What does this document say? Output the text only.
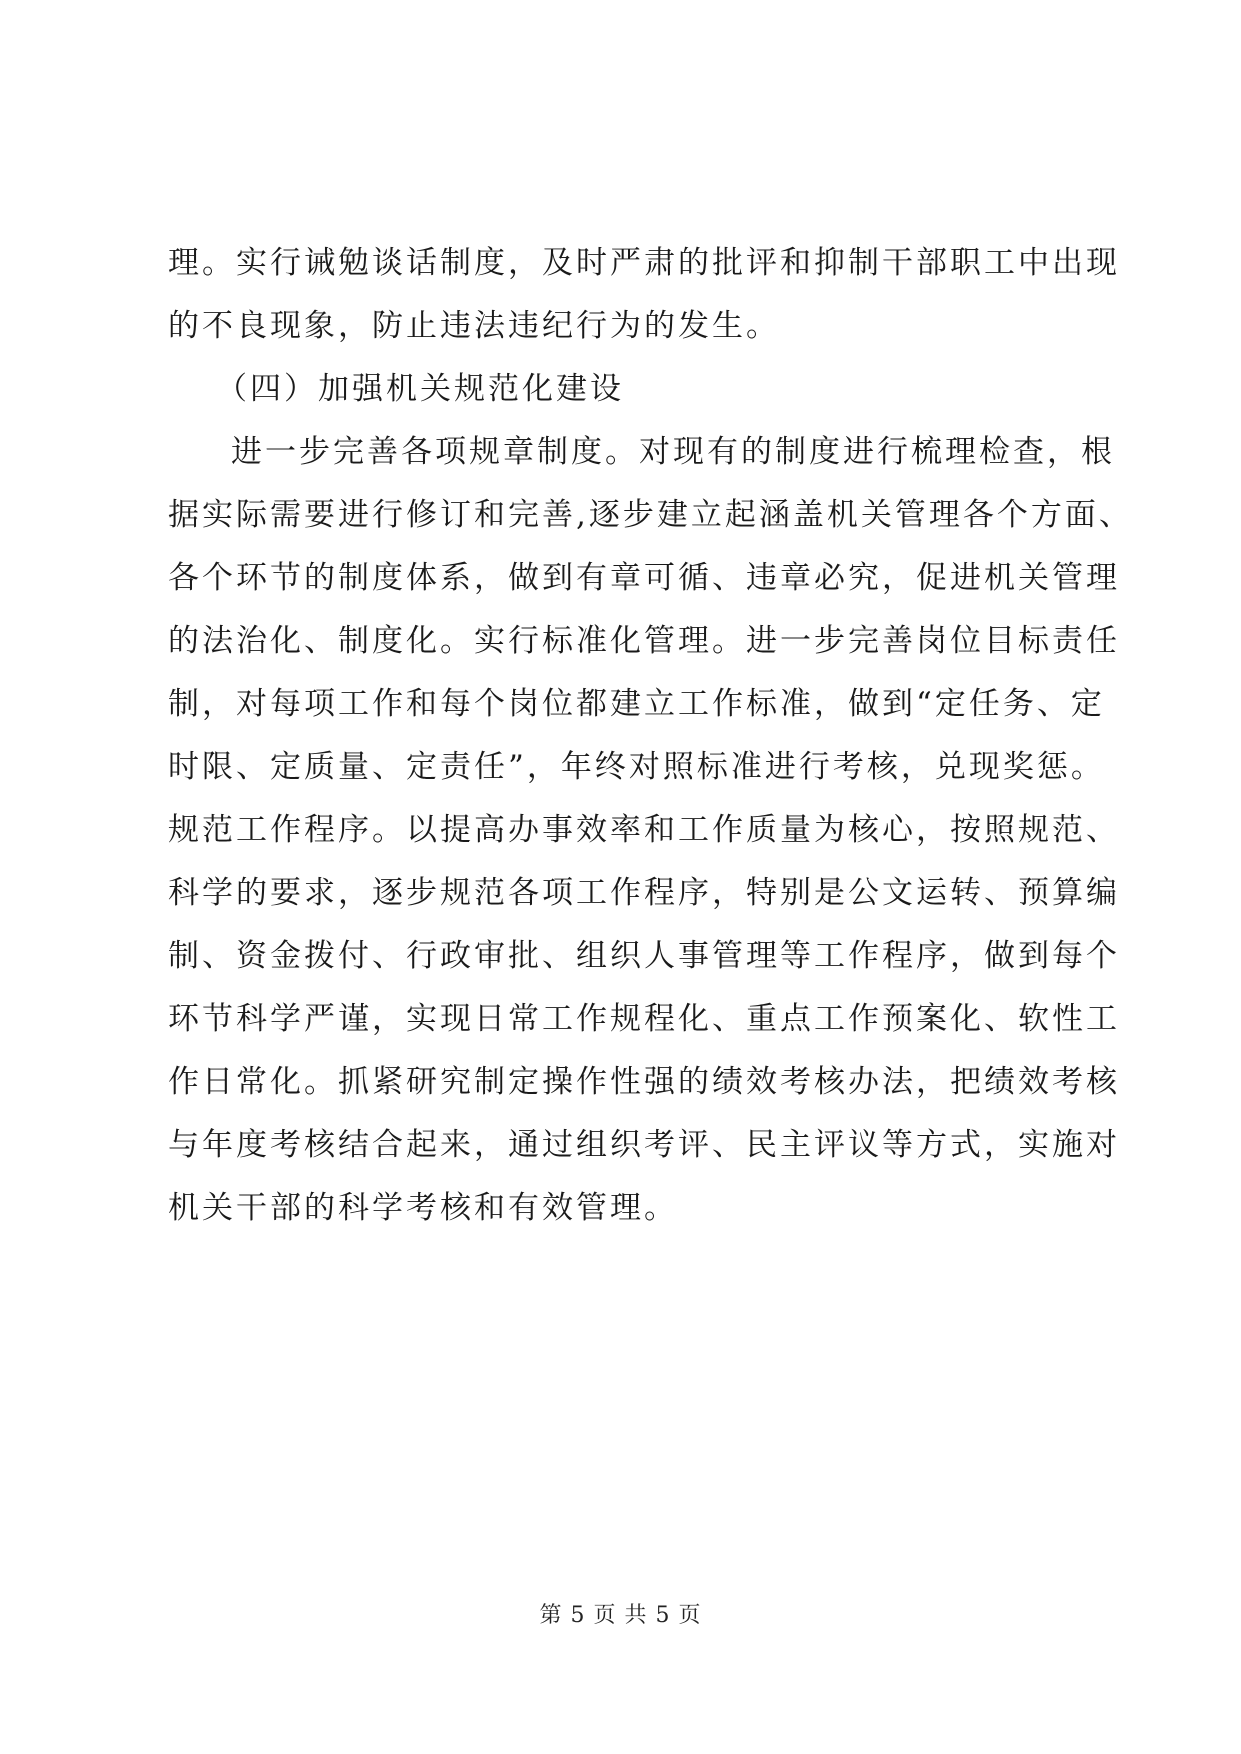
理。实行诫勉谈话制度，及时严肃的批评和抑制干部职工中出现
的不良现象，防止违法违纪行为的发生。
（四）加强机关规范化建设
进一步完善各项规章制度。对现有的制度进行梳理检查，根
据实际需要进行修订和完善,逐步建立起涵盖机关管理各个方面、
各个环节的制度体系，做到有章可循、违章必究，促进机关管理
的法治化、制度化。实行标准化管理。进一步完善岗位目标责任
制，对每项工作和每个岗位都建立工作标准，做到“定任务、定
时限、定质量、定责任”，年终对照标准进行考核，兑现奖惩。
规范工作程序。以提高办事效率和工作质量为核心，按照规范、
科学的要求，逐步规范各项工作程序，特别是公文运转、预算编
制、资金拨付、行政审批、组织人事管理等工作程序，做到每个
环节科学严谨，实现日常工作规程化、重点工作预案化、软性工
作日常化。抓紧研究制定操作性强的绩效考核办法，把绩效考核
与年度考核结合起来，通过组织考评、民主评议等方式，实施对
机关干部的科学考核和有效管理。
第 5 页 共 5 页
